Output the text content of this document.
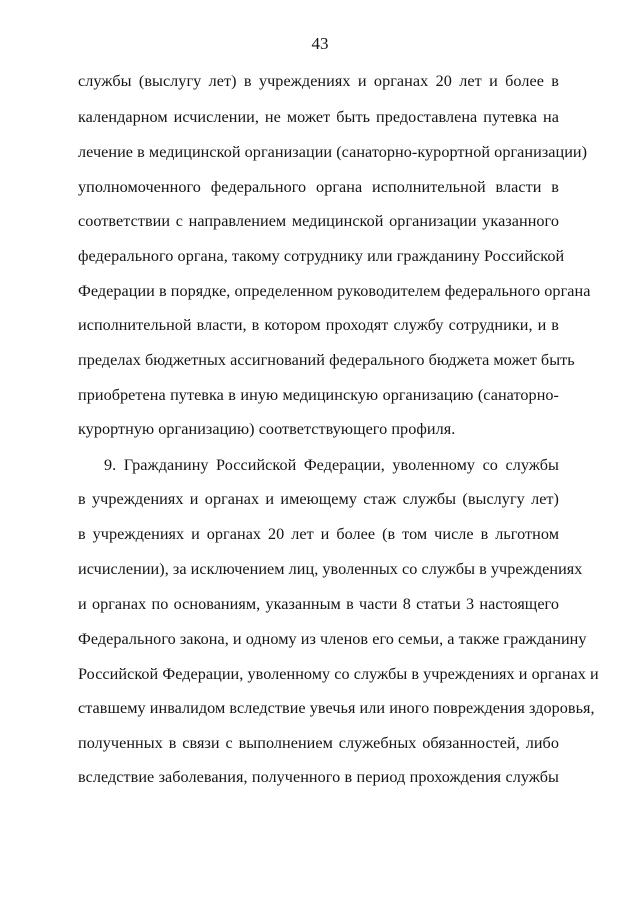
43
службы (выслугу лет) в учреждениях и органах 20 лет и более в
календарном исчислении, не может быть предоставлена путевка на
лечение в медицинской организации (санаторно-курортной организации)
уполномоченного федерального органа исполнительной власти в
соответствии с направлением медицинской организации указанного
федерального органа, такому сотруднику или гражданину Российской
Федерации в порядке, определенном руководителем федерального органа
исполнительной власти, в котором проходят службу сотрудники, и в
пределах бюджетных ассигнований федерального бюджета может быть
приобретена путевка в иную медицинскую организацию (санаторно-
курортную организацию) соответствующего профиля.
9. Гражданину Российской Федерации, уволенному со службы
в учреждениях и органах и имеющему стаж службы (выслугу лет)
в учреждениях и органах 20 лет и более (в том числе в льготном
исчислении), за исключением лиц, уволенных со службы в учреждениях
и органах по основаниям, указанным в части 8 статьи 3 настоящего
Федерального закона, и одному из членов его семьи, а также гражданину
Российской Федерации, уволенному со службы в учреждениях и органах и
ставшему инвалидом вследствие увечья или иного повреждения здоровья,
полученных в связи с выполнением служебных обязанностей, либо
вследствие заболевания, полученного в период прохождения службы
